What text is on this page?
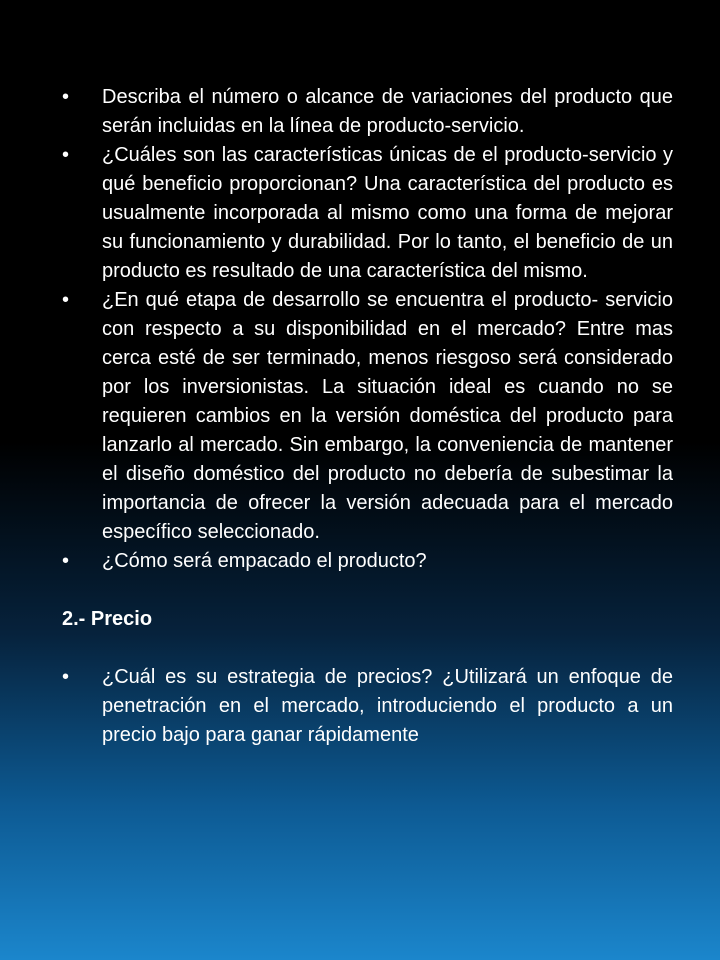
• Describa el número o alcance de variaciones del producto que serán incluidas en la línea de producto-servicio.
• ¿Cuáles son las características únicas de el producto-servicio y qué beneficio proporcionan? Una característica del producto es usualmente incorporada al mismo como una forma de mejorar su funcionamiento y durabilidad. Por lo tanto, el beneficio de un producto es resultado de una característica del mismo.
• ¿En qué etapa de desarrollo se encuentra el producto- servicio con respecto a su disponibilidad en el mercado? Entre mas cerca esté de ser terminado, menos riesgoso será considerado por los inversionistas. La situación ideal es cuando no se requieren cambios en la versión doméstica del producto para lanzarlo al mercado. Sin embargo, la conveniencia de mantener el diseño doméstico del producto no debería de subestimar la importancia de ofrecer la versión adecuada para el mercado específico seleccionado.
• ¿Cómo será empacado el producto?
2.- Precio
• ¿Cuál es su estrategia de precios? ¿Utilizará un enfoque de penetración en el mercado, introduciendo el producto a un precio bajo para ganar rápidamente
